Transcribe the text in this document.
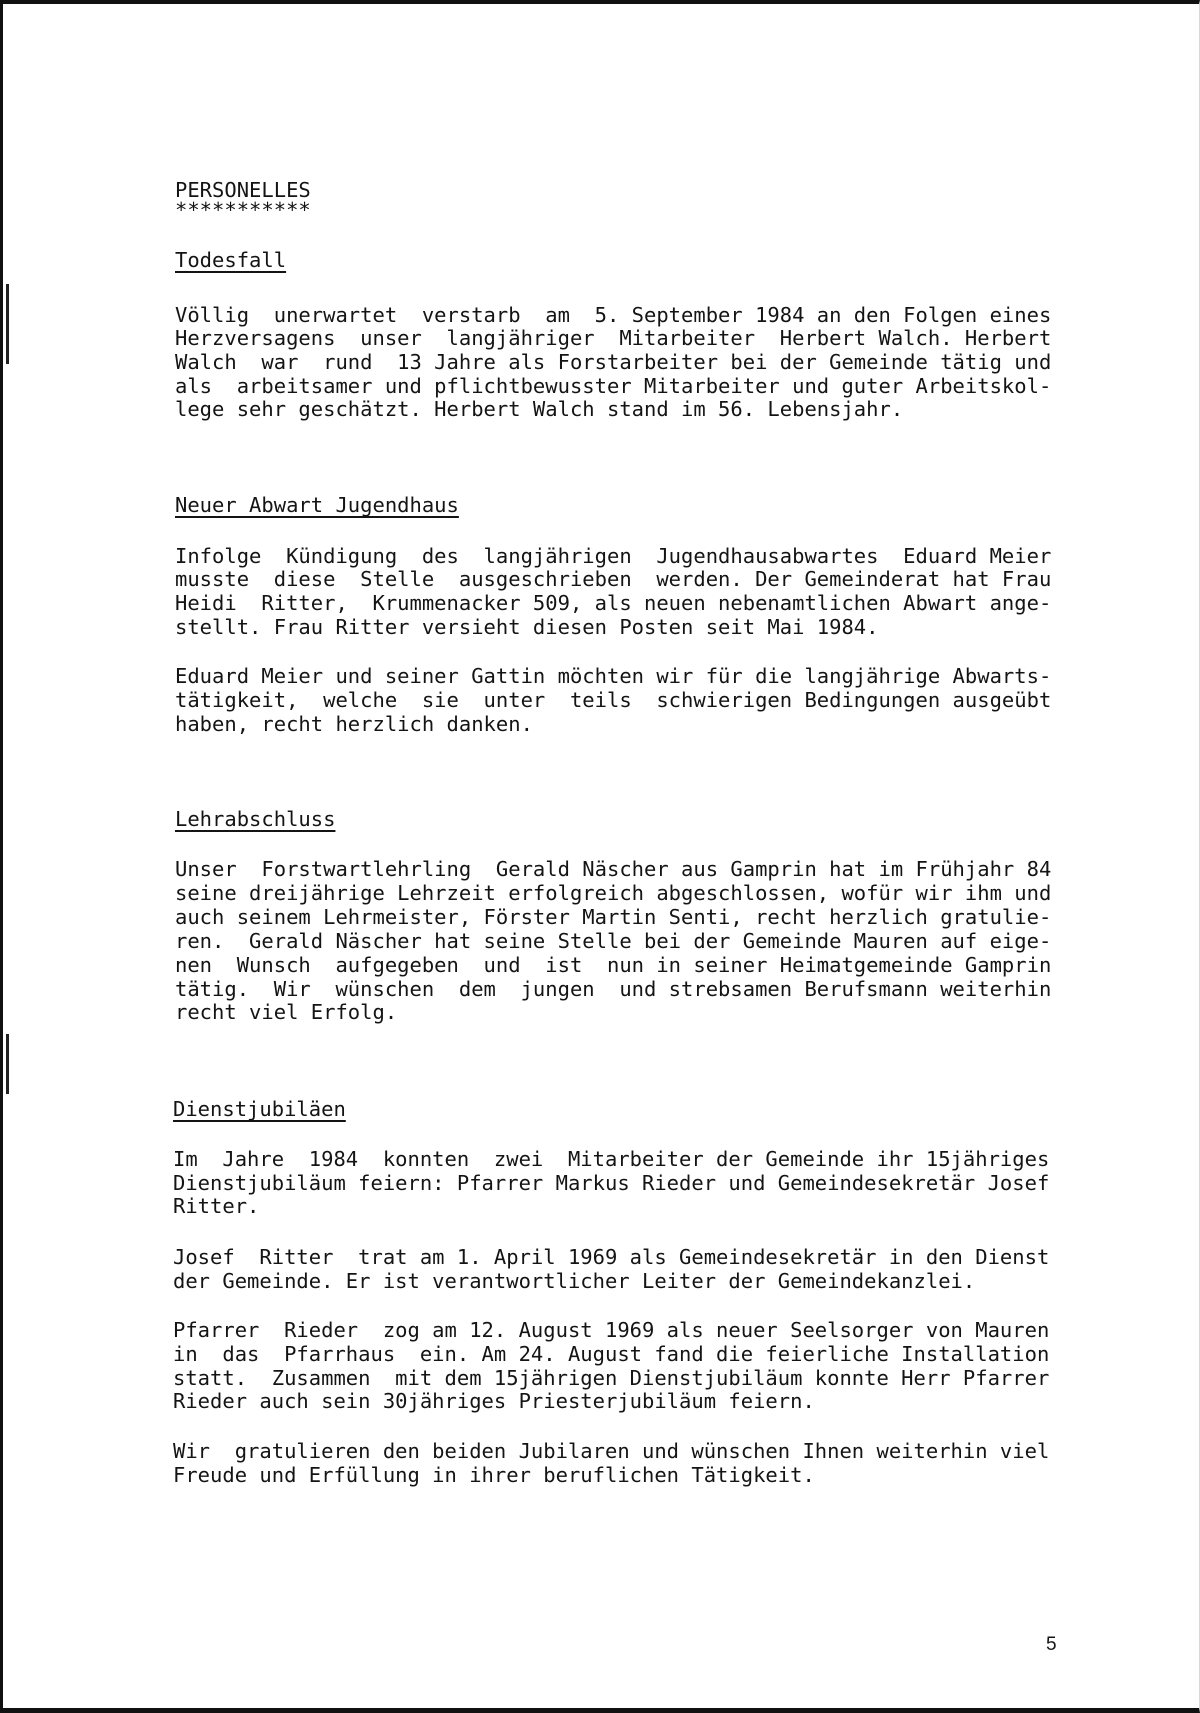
PERSONELLES
***********
Todesfall
Völlig  unerwartet  verstarb  am  5. September 1984 an den Folgen eines
Herzversagens  unser  langjähriger  Mitarbeiter  Herbert Walch. Herbert
Walch  war  rund  13 Jahre als Forstarbeiter bei der Gemeinde tätig und
als  arbeitsamer und pflichtbewusster Mitarbeiter und guter Arbeitskol-
lege sehr geschätzt. Herbert Walch stand im 56. Lebensjahr.
Neuer Abwart Jugendhaus
Infolge  Kündigung  des  langjährigen  Jugendhausabwartes  Eduard Meier
musste  diese  Stelle  ausgeschrieben  werden. Der Gemeinderat hat Frau
Heidi  Ritter,  Krummenacker 509, als neuen nebenamtlichen Abwart ange-
stellt. Frau Ritter versieht diesen Posten seit Mai 1984.
Eduard Meier und seiner Gattin möchten wir für die langjährige Abwarts-
tätigkeit,  welche  sie  unter  teils  schwierigen Bedingungen ausgeübt
haben, recht herzlich danken.
Lehrabschluss
Unser  Forstwartlehrling  Gerald Näscher aus Gamprin hat im Frühjahr 84
seine dreijährige Lehrzeit erfolgreich abgeschlossen, wofür wir ihm und
auch seinem Lehrmeister, Förster Martin Senti, recht herzlich gratulie-
ren.  Gerald Näscher hat seine Stelle bei der Gemeinde Mauren auf eige-
nen  Wunsch  aufgegeben  und  ist  nun in seiner Heimatgemeinde Gamprin
tätig.  Wir  wünschen  dem  jungen  und strebsamen Berufsmann weiterhin
recht viel Erfolg.
Dienstjubiläen
Im  Jahre  1984  konnten  zwei  Mitarbeiter der Gemeinde ihr 15jähriges
Dienstjubiläum feiern: Pfarrer Markus Rieder und Gemeindesekretär Josef
Ritter.
Josef  Ritter  trat am 1. April 1969 als Gemeindesekretär in den Dienst
der Gemeinde. Er ist verantwortlicher Leiter der Gemeindekanzlei.
Pfarrer  Rieder  zog am 12. August 1969 als neuer Seelsorger von Mauren
in  das  Pfarrhaus  ein. Am 24. August fand die feierliche Installation
statt.  Zusammen  mit dem 15jährigen Dienstjubiläum konnte Herr Pfarrer
Rieder auch sein 30jähriges Priesterjubiläum feiern.
Wir  gratulieren den beiden Jubilaren und wünschen Ihnen weiterhin viel
Freude und Erfüllung in ihrer beruflichen Tätigkeit.
5
